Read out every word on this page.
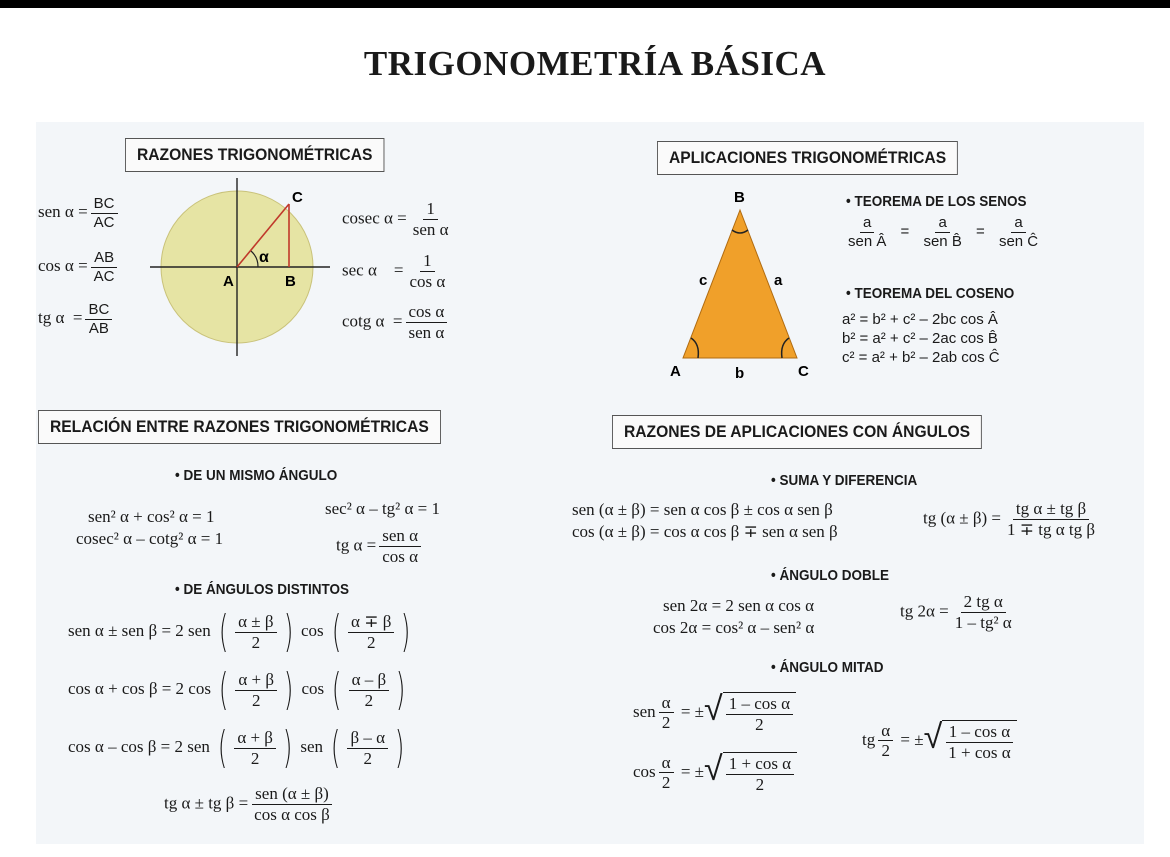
TRIGONOMETRÍA BÁSICA
RAZONES TRIGONOMÉTRICAS
sen $\alpha = \frac{BC}{AC}$
$\cos \alpha = \frac{AB}{AC}$
tg $\alpha = \frac{BC}{AB}$
A	B
C
α
cosec $\alpha = \frac{1}{\text{sen α}}$
sec α    = $\frac{1}{\text{cos α}}$
cotg $\alpha = \frac{\text{cos α}}{\text{sen α}}$
APLICACIONES TRIGONOMÉTRICAS
B
A	C
c	a
b
• TEOREMA DE LOS SENOS
$\frac{a}{\text{sen Â}} = \frac{a}{\text{sen B̂}} = \frac{a}{\text{sen Ĉ}}$
• TEOREMA DEL COSENO
a² = b² + c² – 2bc cos Â
b² = a² + c² – 2ac cos B̂
c² = a² + b² – 2ab cos Ĉ
RELACIÓN ENTRE RAZONES TRIGONOMÉTRICAS
• DE UN MISMO ÁNGULO
sen² α + cos² α = 1
cosec² α – cotg² α = 1
sec² α – tg² α = 1
tg $\alpha = \frac{\text{sen α}}{\text{cos α}}$
• DE ÁNGULOS DISTINTOS
sen α ± sen β = 2 sen ( $\frac{\alpha \pm \beta}{2}$ ) cos ( $\frac{\alpha \mp \beta}{2}$ )
cos α + cos β = 2 cos ( $\frac{\alpha + \beta}{2}$ ) cos ( $\frac{\alpha - \beta}{2}$ )
cos α – cos β = 2 sen ( $\frac{\alpha + \beta}{2}$ ) sen ( $\frac{\beta - \alpha}{2}$ )
tg α ± tg $\beta = \frac{\text{sen (α ± β)}}{\text{cos α cos β}}$
RAZONES DE APLICACIONES CON ÁNGULOS
• SUMA Y DIFERENCIA
sen (α ± β) = sen α cos β ± cos α sen β
cos (α ± β) = cos α cos β ∓ sen α sen β
tg $(\alpha \pm \beta) = \frac{\text{tg α ± tg β}}{\text{1 ∓ tg α tg β}}$
• ÁNGULO DOBLE
sen 2α = 2 sen α cos α
cos 2α = cos² α – sen² α
tg $2\alpha = \frac{\text{2 tg α}}{\text{1 – tg² α}}$
• ÁNGULO MITAD
sen $\frac{\alpha}{2}$ = ± √ $\frac{\text{1 – cos α}}{2}$
$\cos \frac{\alpha}{2}$ = ± √ $\frac{\text{1 + cos α}}{2}$
tg $\frac{\alpha}{2}$ = ± √ $\frac{\text{1 – cos α}}{\text{1 + cos α}}$
